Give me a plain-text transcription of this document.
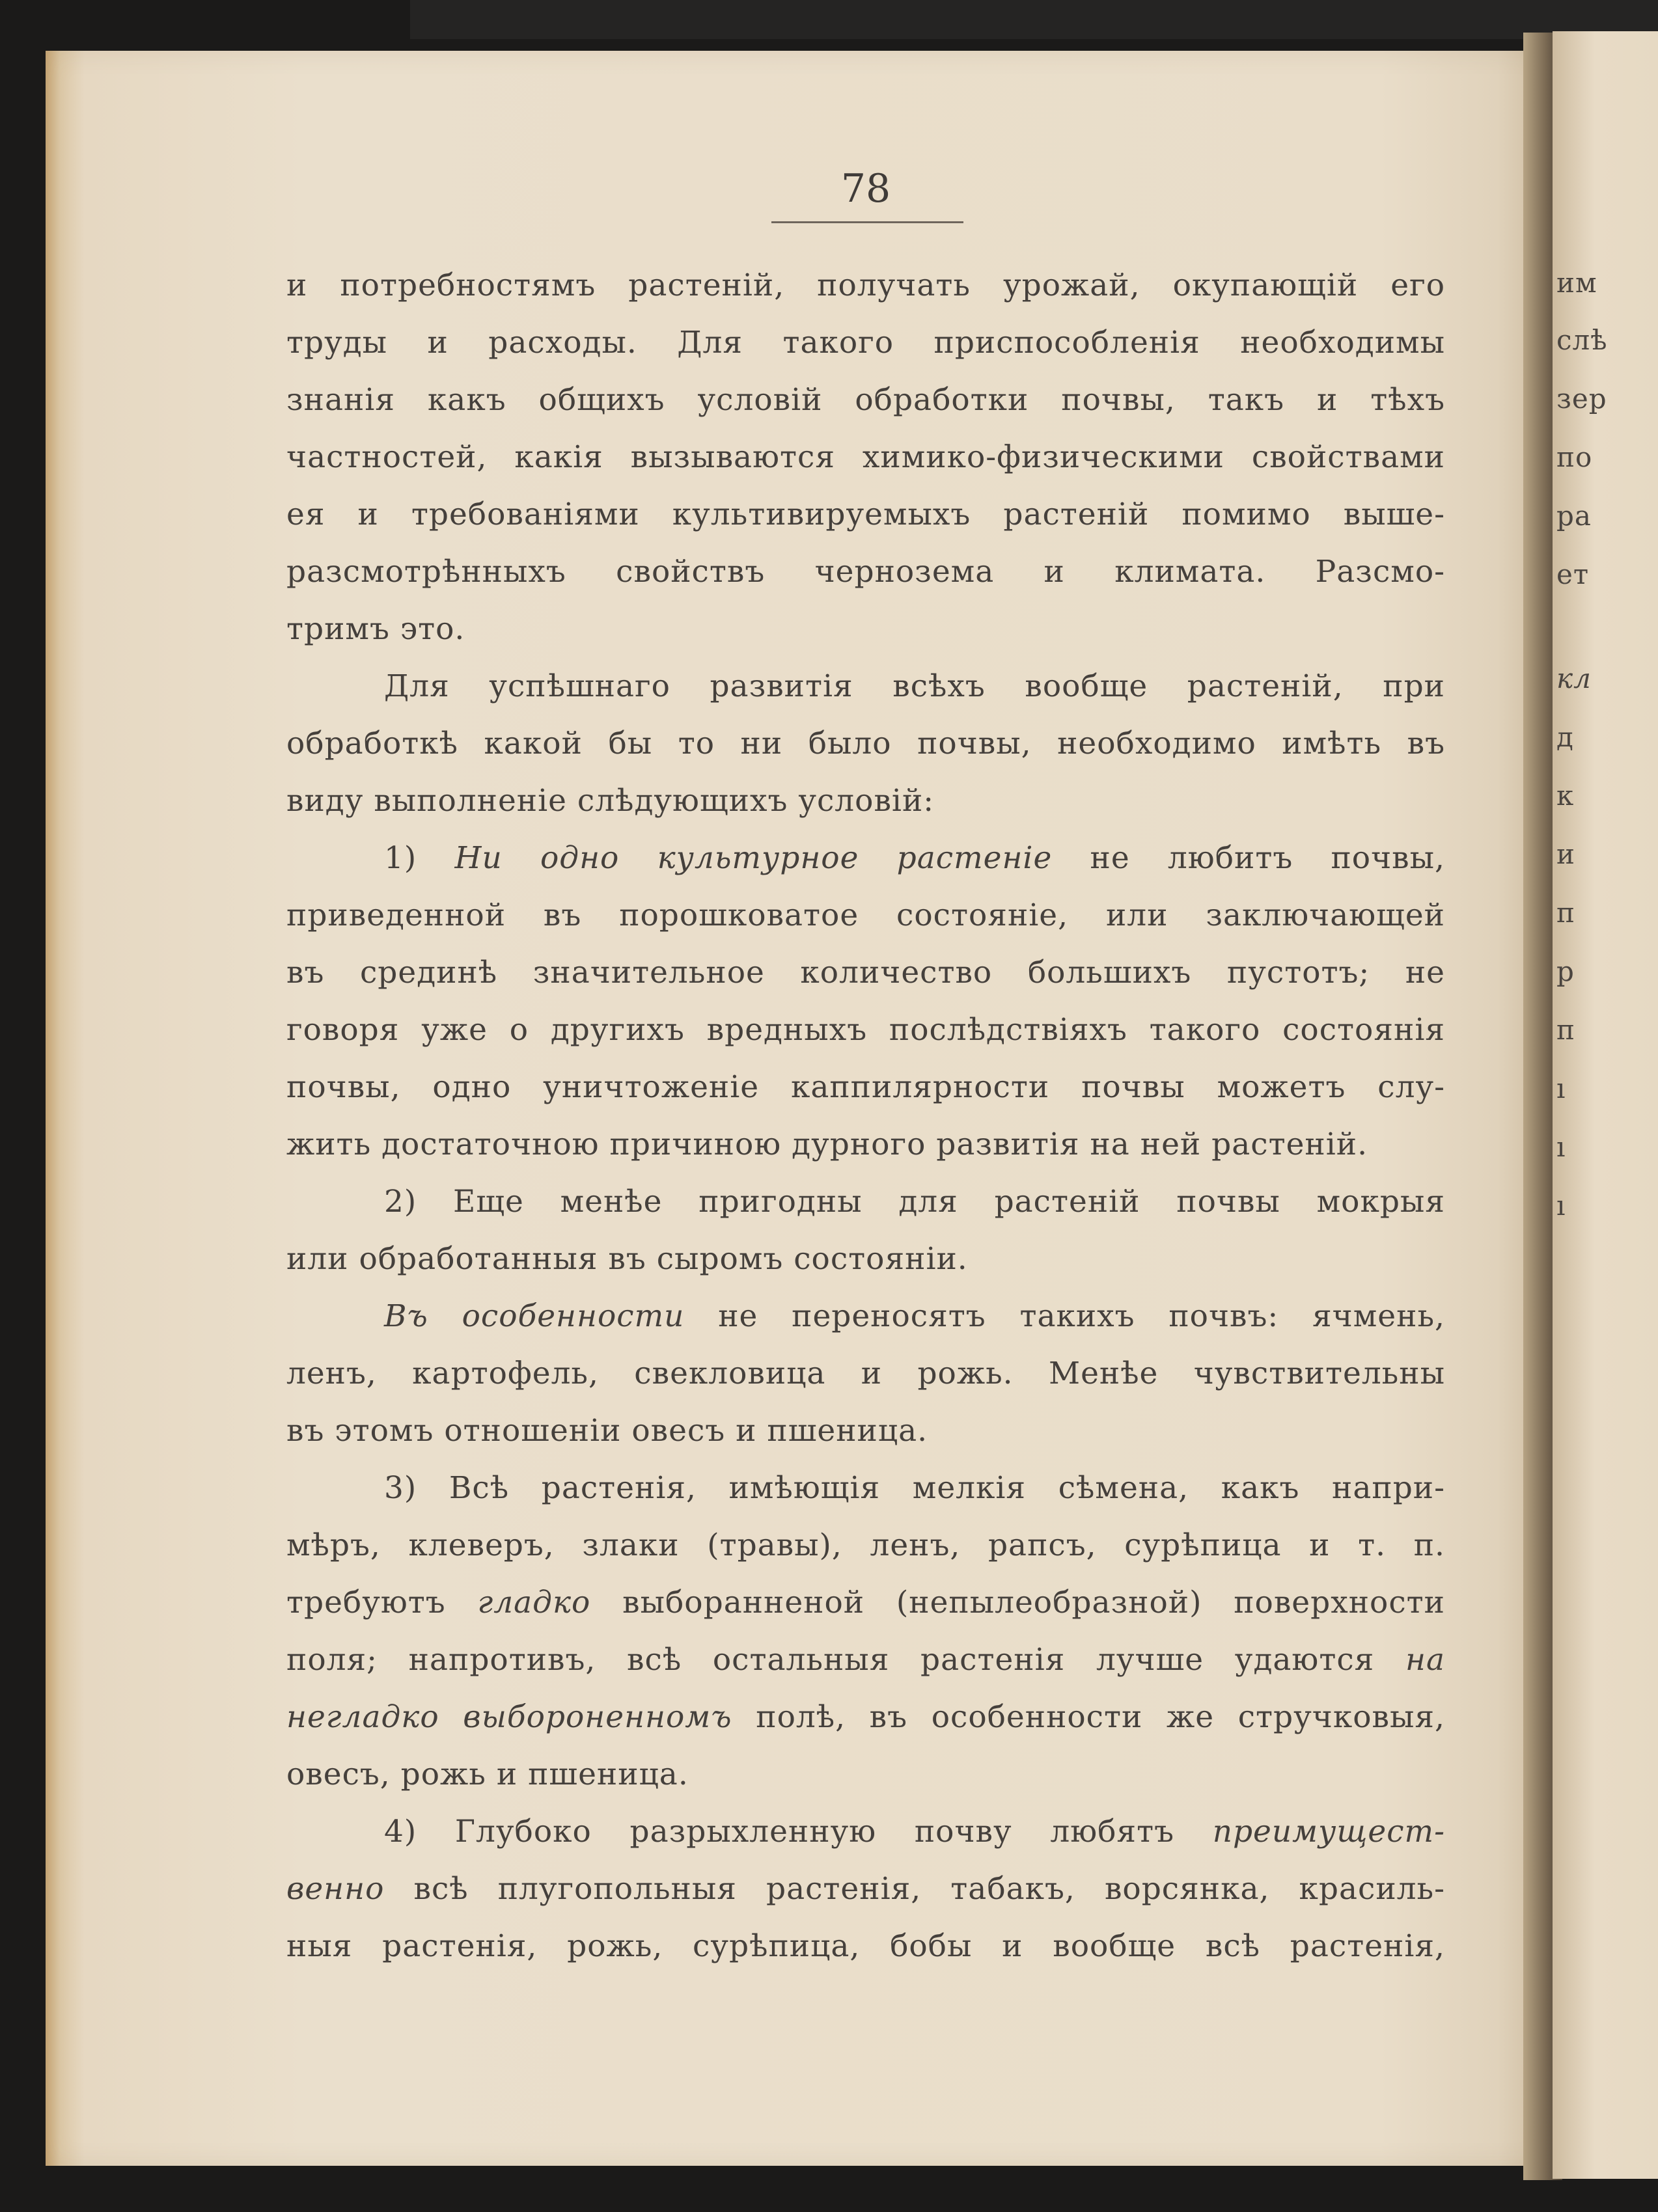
78
и потребностямъ растеній, получать урожай, окупающій его
труды и расходы. Для такого приспособленія необходимы
знанія какъ общихъ условій обработки почвы, такъ и тѣхъ
частностей, какія вызываются химико-физическими свойствами
ея и требованіями культивируемыхъ растеній помимо выше-
разсмотрѣнныхъ свойствъ чернозема и климата. Разсмо-
тримъ это.
Для успѣшнаго развитія всѣхъ вообще растеній, при
обработкѣ какой бы то ни было почвы, необходимо имѣть въ
виду выполненіе слѣдующихъ условій:
1) Ни одно культурное растеніе не любитъ почвы,
приведенной въ порошковатое состояніе, или заключающей
въ срединѣ значительное количество большихъ пустотъ; не
говоря уже о другихъ вредныхъ послѣдствіяхъ такого состоянія
почвы, одно уничтоженіе каппилярности почвы можетъ слу-
жить достаточною причиною дурного развитія на ней растеній.
2) Еще менѣе пригодны для растеній почвы мокрыя
или обработанныя въ сыромъ состояніи.
Въ особенности не переносятъ такихъ почвъ: ячмень,
ленъ, картофель, свекловица и рожь. Менѣе чувствительны
въ этомъ отношеніи овесъ и пшеница.
3) Всѣ растенія, имѣющія мелкія сѣмена, какъ напри-
мѣръ, клеверъ, злаки (травы), ленъ, рапсъ, сурѣпица и т. п.
требуютъ гладко выборанненой (непылеобразной) поверхности
поля; напротивъ, всѣ остальныя растенія лучше удаются на
негладко выбороненномъ полѣ, въ особенности же стручковыя,
овесъ, рожь и пшеница.
4) Глубоко разрыхленную почву любятъ преимущест-
венно всѣ плугопольныя растенія, табакъ, ворсянка, красиль-
ныя растенія, рожь, сурѣпица, бобы и вообще всѣ растенія,
им
слѣ
зер
по
ра
ет
кл
д
к
и
п
р
п
ı
ı
ı
